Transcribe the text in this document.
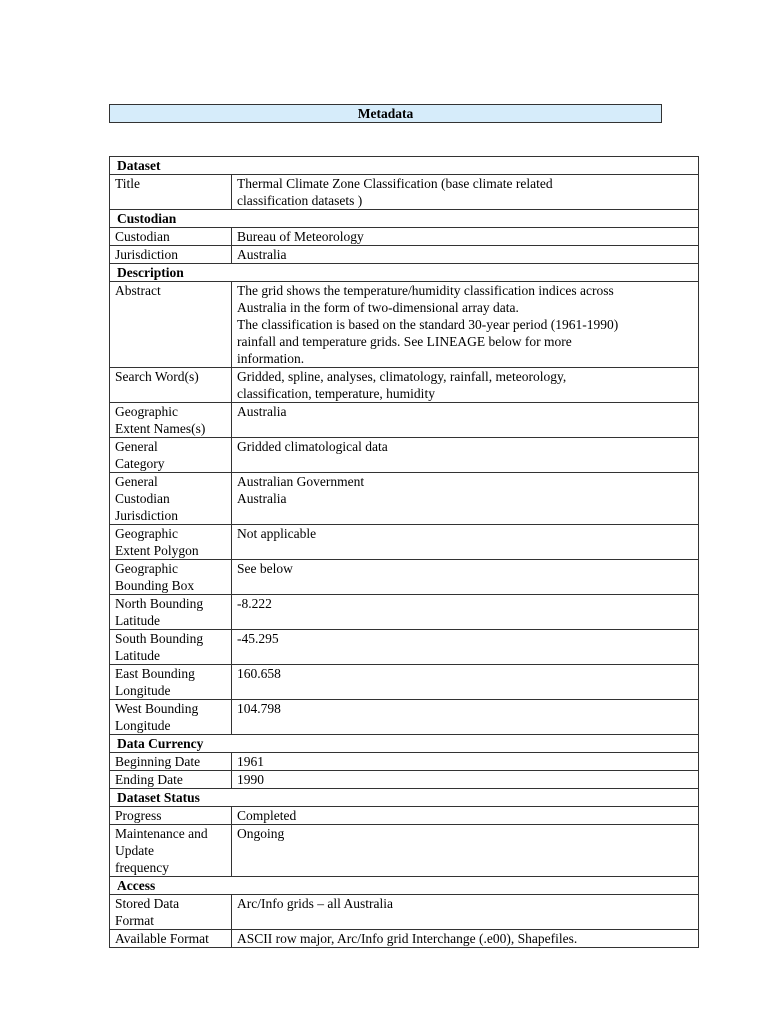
Metadata
Dataset	
Title	Thermal Climate Zone Classification (base climate related
classification datasets )
Custodian	
Custodian	Bureau of Meteorology
Jurisdiction	Australia
Description	
Abstract	The grid shows the temperature/humidity classification indices across
Australia in the form of two-dimensional array data.
The classification is based on the standard 30-year period (1961-1990)
rainfall and temperature grids. See LINEAGE below for more
information.
Search Word(s)	Gridded, spline, analyses, climatology, rainfall, meteorology,
classification, temperature, humidity
Geographic
Extent Names(s)	Australia
General
Category	Gridded climatological data
General
Custodian
Jurisdiction	Australian Government
Australia
Geographic
Extent Polygon	Not applicable
Geographic
Bounding Box	See below
North Bounding
Latitude	-8.222
South Bounding
Latitude	-45.295
East Bounding
Longitude	160.658
West Bounding
Longitude	104.798
Data Currency	
Beginning Date	1961
Ending Date	1990
Dataset Status	
Progress	Completed
Maintenance and
Update
frequency	Ongoing
Access	
Stored Data
Format	Arc/Info grids – all Australia
Available Format	ASCII row major, Arc/Info grid Interchange (.e00), Shapefiles.
